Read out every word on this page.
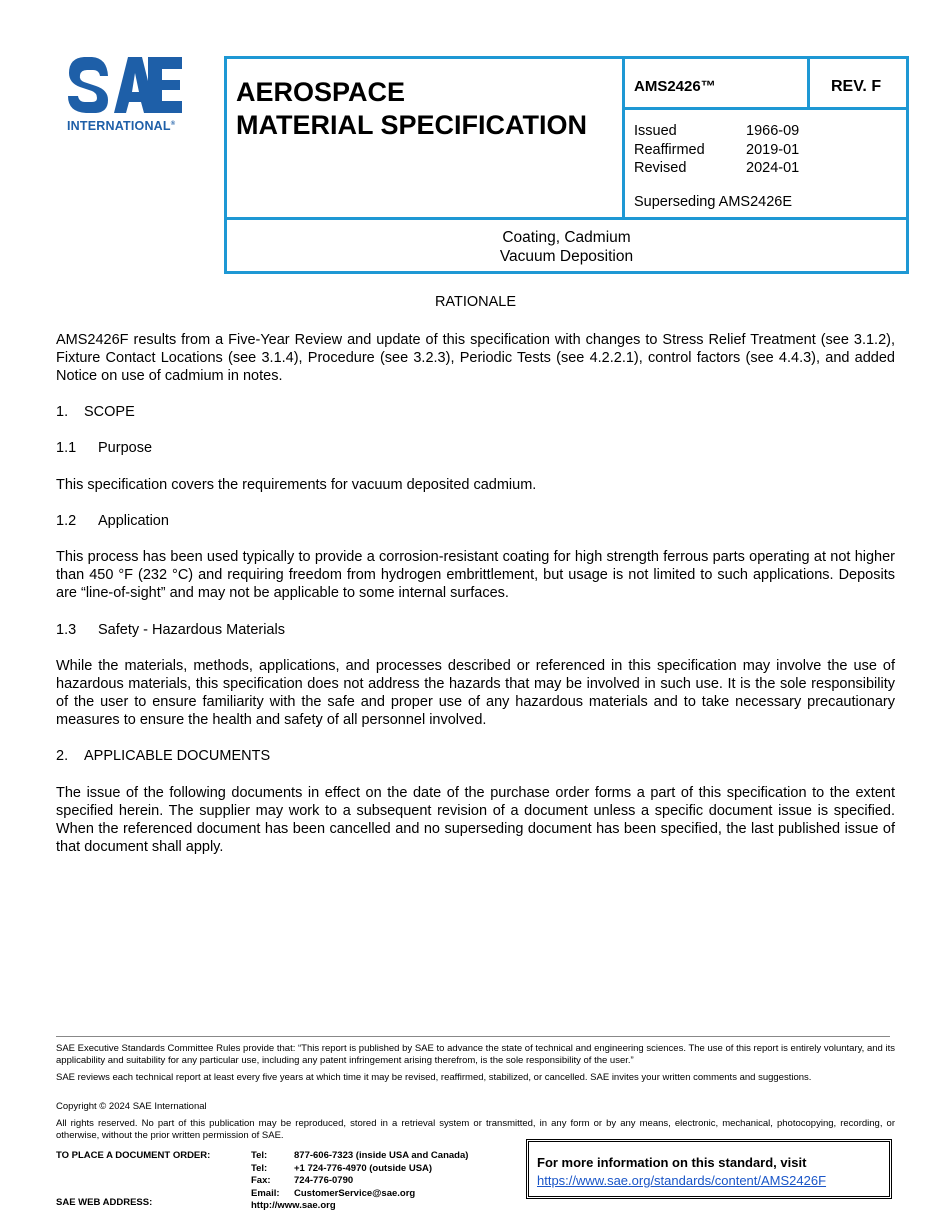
INTERNATIONAL®
AEROSPACE
MATERIAL SPECIFICATION
AMS2426™	REV. F
Issued	1966-09
Reaffirmed	2019-01
Revised	2024-01
Superseding AMS2426E
Coating, Cadmium
Vacuum Deposition
RATIONALE
AMS2426F results from a Five-Year Review and update of this specification with changes to Stress Relief Treatment (see 3.1.2), Fixture Contact Locations (see 3.1.4), Procedure (see 3.2.3), Periodic Tests (see 4.2.2.1), control factors (see 4.4.3), and added Notice on use of cadmium in notes.
1. SCOPE
1.1 Purpose
This specification covers the requirements for vacuum deposited cadmium.
1.2 Application
This process has been used typically to provide a corrosion-resistant coating for high strength ferrous parts operating at not higher than 450 °F (232 °C) and requiring freedom from hydrogen embrittlement, but usage is not limited to such applications. Deposits are “line-of-sight” and may not be applicable to some internal surfaces.
1.3 Safety - Hazardous Materials
While the materials, methods, applications, and processes described or referenced in this specification may involve the use of hazardous materials, this specification does not address the hazards that may be involved in such use. It is the sole responsibility of the user to ensure familiarity with the safe and proper use of any hazardous materials and to take necessary precautionary measures to ensure the health and safety of all personnel involved.
2. APPLICABLE DOCUMENTS
The issue of the following documents in effect on the date of the purchase order forms a part of this specification to the extent specified herein. The supplier may work to a subsequent revision of a document unless a specific document issue is specified. When the referenced document has been cancelled and no superseding document has been specified, the last published issue of that document shall apply.
SAE Executive Standards Committee Rules provide that: “This report is published by SAE to advance the state of technical and engineering sciences. The use of this report is entirely voluntary, and its applicability and suitability for any particular use, including any patent infringement arising therefrom, is the sole responsibility of the user.”
SAE reviews each technical report at least every five years at which time it may be revised, reaffirmed, stabilized, or cancelled. SAE invites your written comments and suggestions.
Copyright © 2024 SAE International
All rights reserved. No part of this publication may be reproduced, stored in a retrieval system or transmitted, in any form or by any means, electronic, mechanical, photocopying, recording, or otherwise, without the prior written permission of SAE.
TO PLACE A DOCUMENT ORDER:
SAE WEB ADDRESS:
Tel:	877-606-7323 (inside USA and Canada)
Tel:	+1 724-776-4970 (outside USA)
Fax:	724-776-0790
Email:	CustomerService@sae.org
http://www.sae.org
For more information on this standard, visit
https://www.sae.org/standards/content/AMS2426F
